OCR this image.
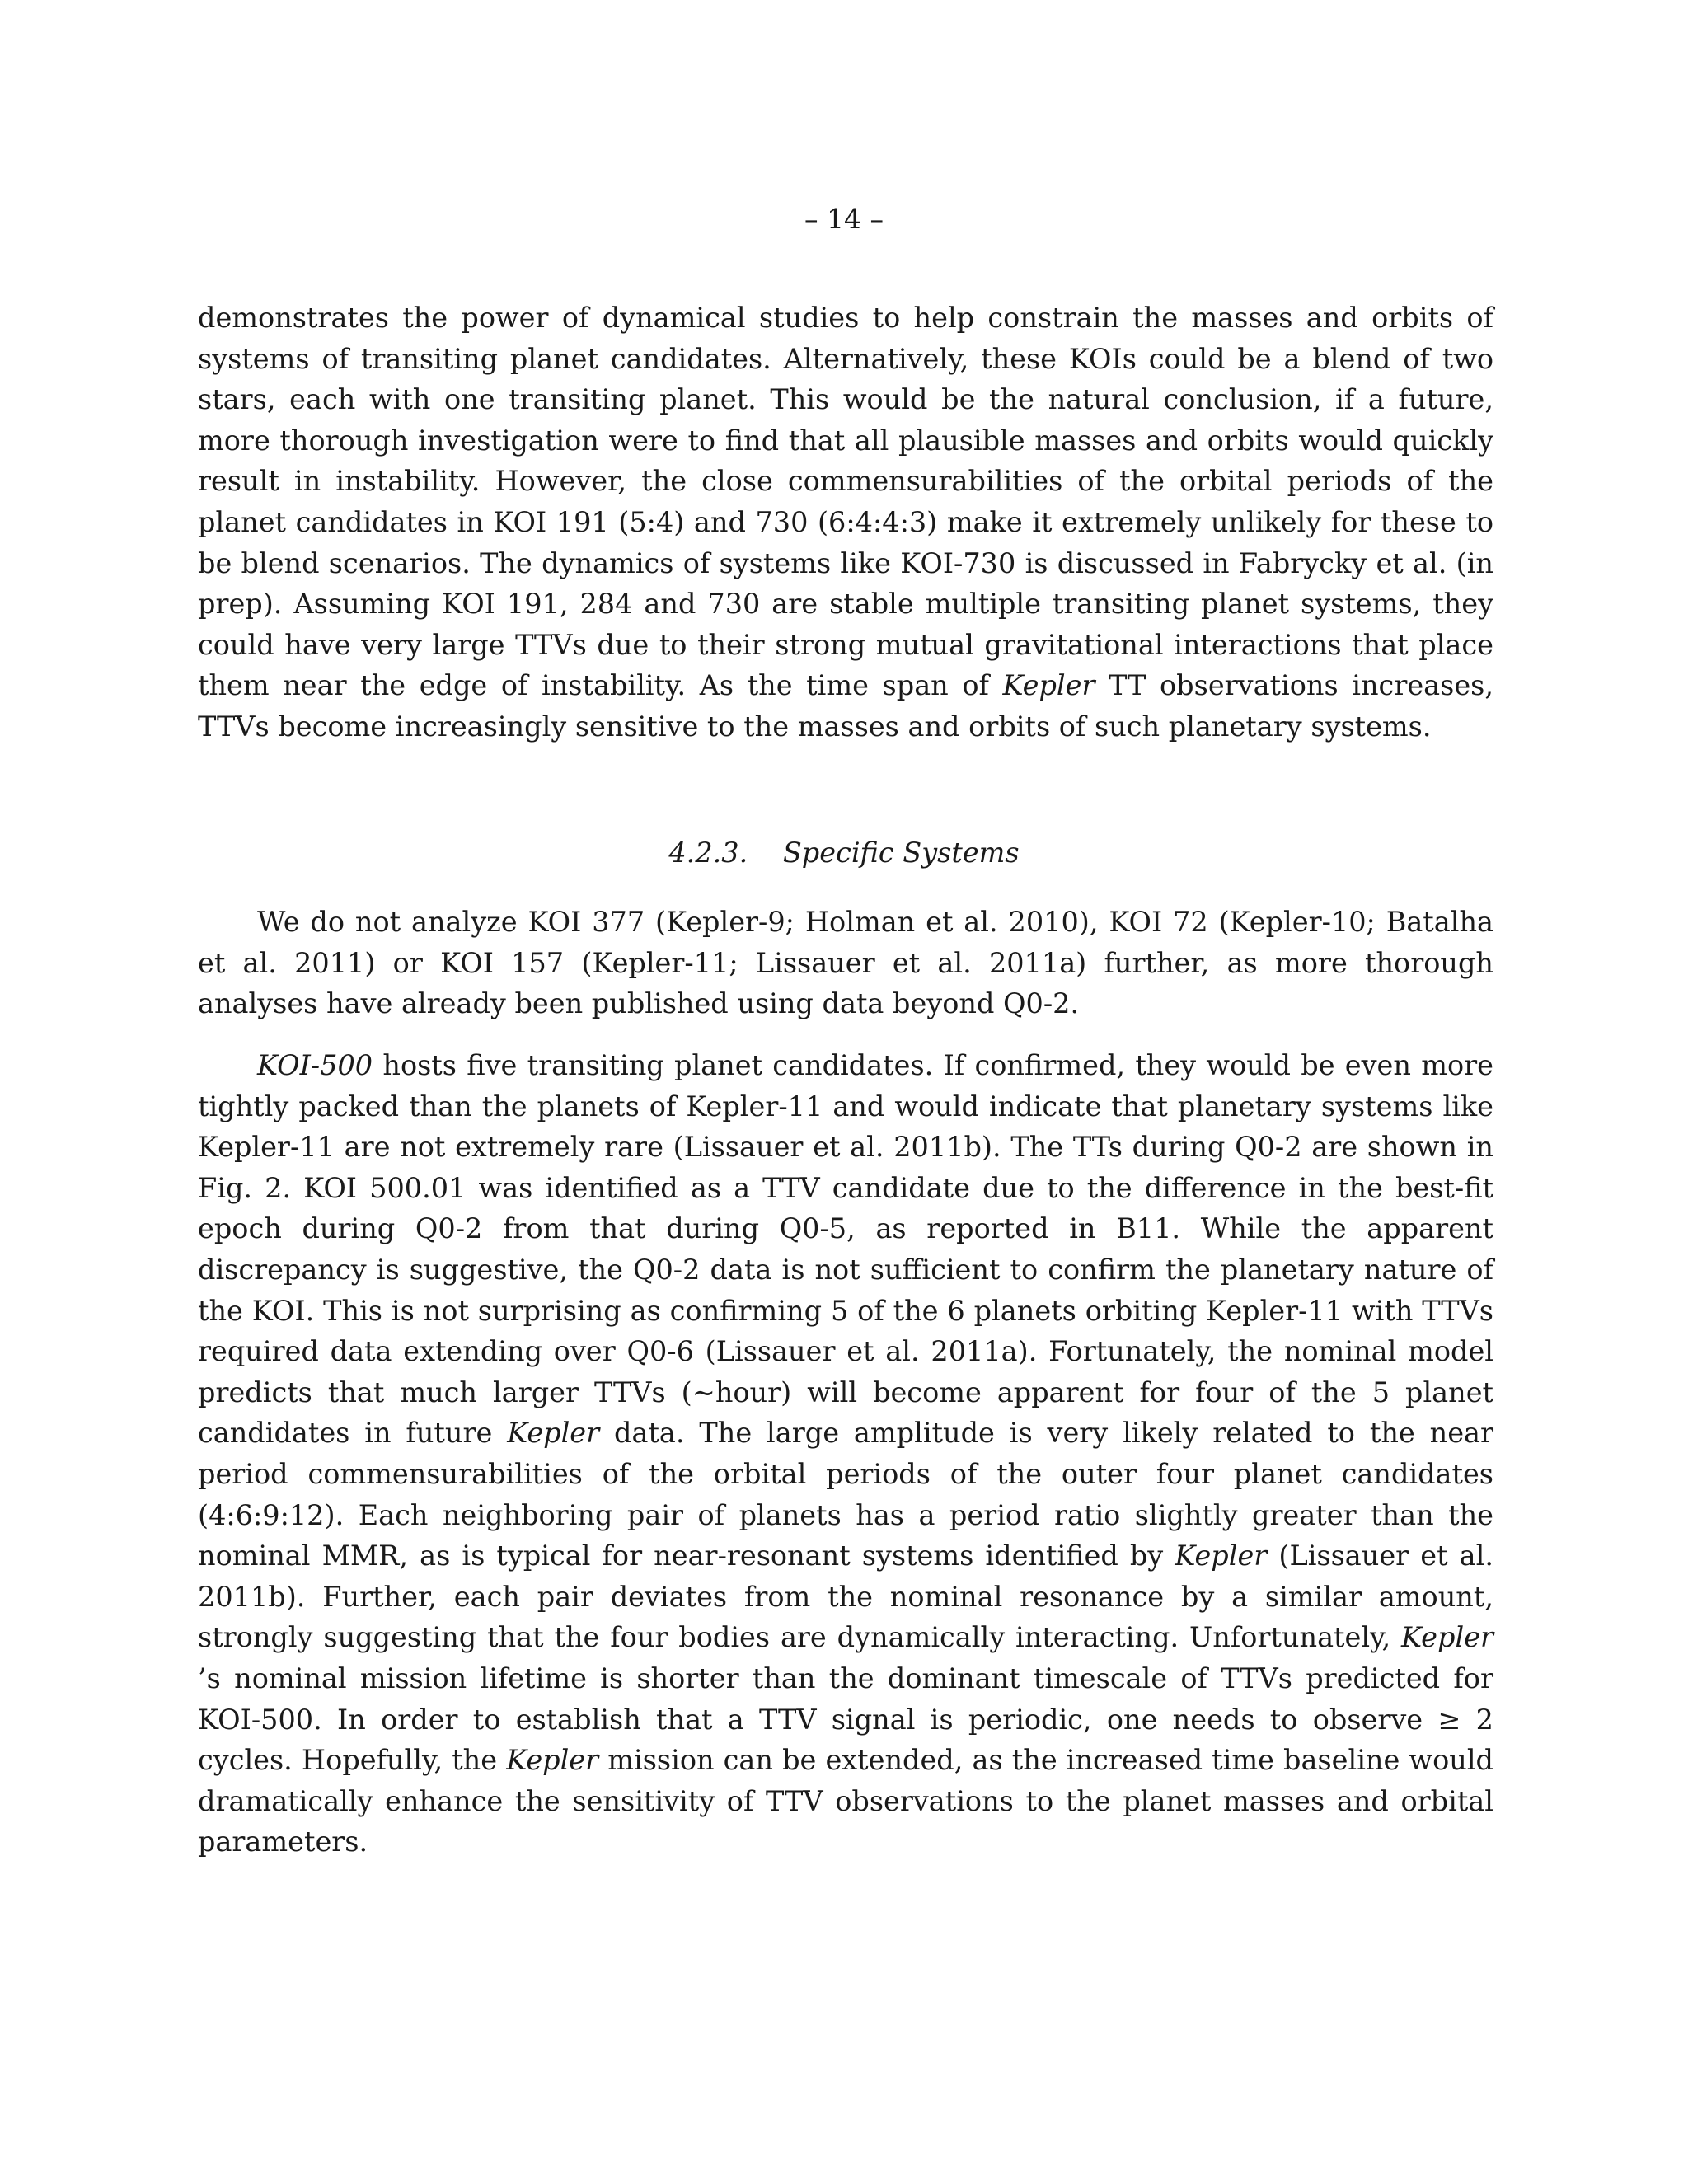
– 14 –

demonstrates the power of dynamical studies to help constrain the masses and orbits of systems of transiting planet candidates. Alternatively, these KOIs could be a blend of two stars, each with one transiting planet. This would be the natural conclusion, if a future, more thorough investigation were to find that all plausible masses and orbits would quickly result in instability. However, the close commensurabilities of the orbital periods of the planet candidates in KOI 191 (5:4) and 730 (6:4:4:3) make it extremely unlikely for these to be blend scenarios. The dynamics of systems like KOI-730 is discussed in Fabrycky et al. (in prep). Assuming KOI 191, 284 and 730 are stable multiple transiting planet systems, they could have very large TTVs due to their strong mutual gravitational interactions that place them near the edge of instability. As the time span of Kepler TT observations increases, TTVs become increasingly sensitive to the masses and orbits of such planetary systems.

4.2.3. Specific Systems

We do not analyze KOI 377 (Kepler-9; Holman et al. 2010), KOI 72 (Kepler-10; Batalha et al. 2011) or KOI 157 (Kepler-11; Lissauer et al. 2011a) further, as more thorough analyses have already been published using data beyond Q0-2.

KOI-500 hosts five transiting planet candidates. If confirmed, they would be even more tightly packed than the planets of Kepler-11 and would indicate that planetary systems like Kepler-11 are not extremely rare (Lissauer et al. 2011b). The TTs during Q0-2 are shown in Fig. 2. KOI 500.01 was identified as a TTV candidate due to the difference in the best-fit epoch during Q0-2 from that during Q0-5, as reported in B11. While the apparent discrepancy is suggestive, the Q0-2 data is not sufficient to confirm the planetary nature of the KOI. This is not surprising as confirming 5 of the 6 planets orbiting Kepler-11 with TTVs required data extending over Q0-6 (Lissauer et al. 2011a). Fortunately, the nominal model predicts that much larger TTVs (∼hour) will become apparent for four of the 5 planet candidates in future Kepler data. The large amplitude is very likely related to the near period commensurabilities of the orbital periods of the outer four planet candidates (4:6:9:12). Each neighboring pair of planets has a period ratio slightly greater than the nominal MMR, as is typical for near-resonant systems identified by Kepler (Lissauer et al. 2011b). Further, each pair deviates from the nominal resonance by a similar amount, strongly suggesting that the four bodies are dynamically interacting. Unfortunately, Kepler ’s nominal mission lifetime is shorter than the dominant timescale of TTVs predicted for KOI-500. In order to establish that a TTV signal is periodic, one needs to observe ≥ 2 cycles. Hopefully, the Kepler mission can be extended, as the increased time baseline would dramatically enhance the sensitivity of TTV observations to the planet masses and orbital parameters.
